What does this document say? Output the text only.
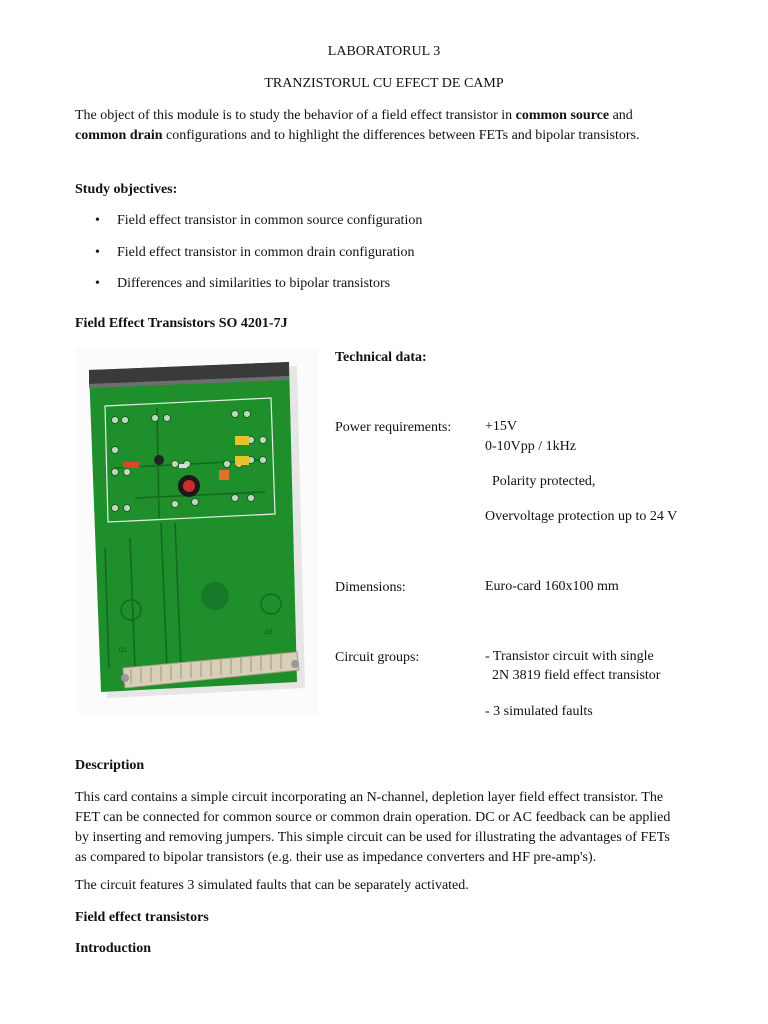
LABORATORUL 3
TRANZISTORUL CU EFECT DE CAMP
The object of this module is to study the behavior of a field effect transistor in common source and
common drain configurations and to highlight the differences between FETs and bipolar transistors.
Study objectives:
• Field effect transistor in common source configuration
• Field effect transistor in common drain configuration
• Differences and similarities to bipolar transistors
Field Effect Transistors SO 4201-7J
D3
D1
Technical data:
Power requirements: +15V
0-10Vpp / 1kHz
Polarity protected,
Overvoltage protection up to 24 V
Dimensions:	Euro-card 160x100 mm
Circuit groups:	- Transistor circuit with single
2N 3819 field effect transistor
- 3 simulated faults
Description
This card contains a simple circuit incorporating an N-channel, depletion layer field effect transistor. The
FET can be connected for common source or common drain operation. DC or AC feedback can be applied
by inserting and removing jumpers. This simple circuit can be used for illustrating the advantages of FETs
as compared to bipolar transistors (e.g. their use as impedance converters and HF pre-amp's).
The circuit features 3 simulated faults that can be separately activated.
Field effect transistors
Introduction
